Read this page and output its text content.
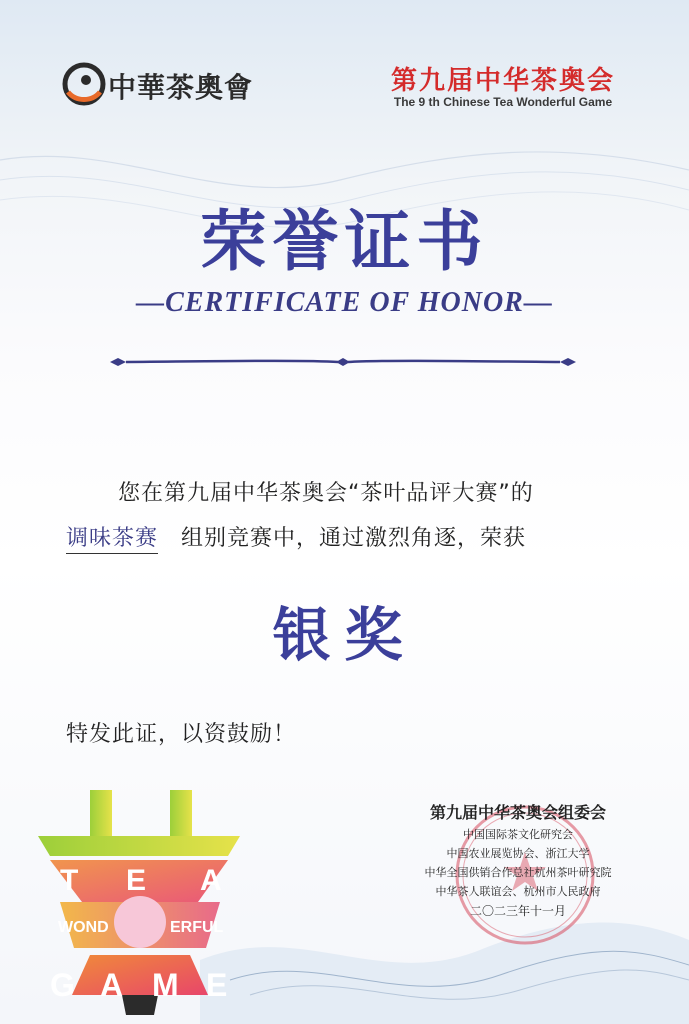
中華茶奧會	第九届中华茶奥会
The 9 th Chinese Tea Wonderful Game
荣誉证书
—CERTIFICATE OF HONOR—
您在第九届中华茶奥会“茶叶品评大赛”的
调味茶赛 组别竞赛中，通过激烈角逐，荣获
银奖
特发此证，以资鼓励！
第九届中华茶奥会组委会
中国国际茶文化研究会
中国农业展览协会、浙江大学
中华全国供销合作总社杭州茶叶研究院
中华茶人联谊会、杭州市人民政府
二〇二三年十一月
T E A
WOND	ERFUL
G A M E
